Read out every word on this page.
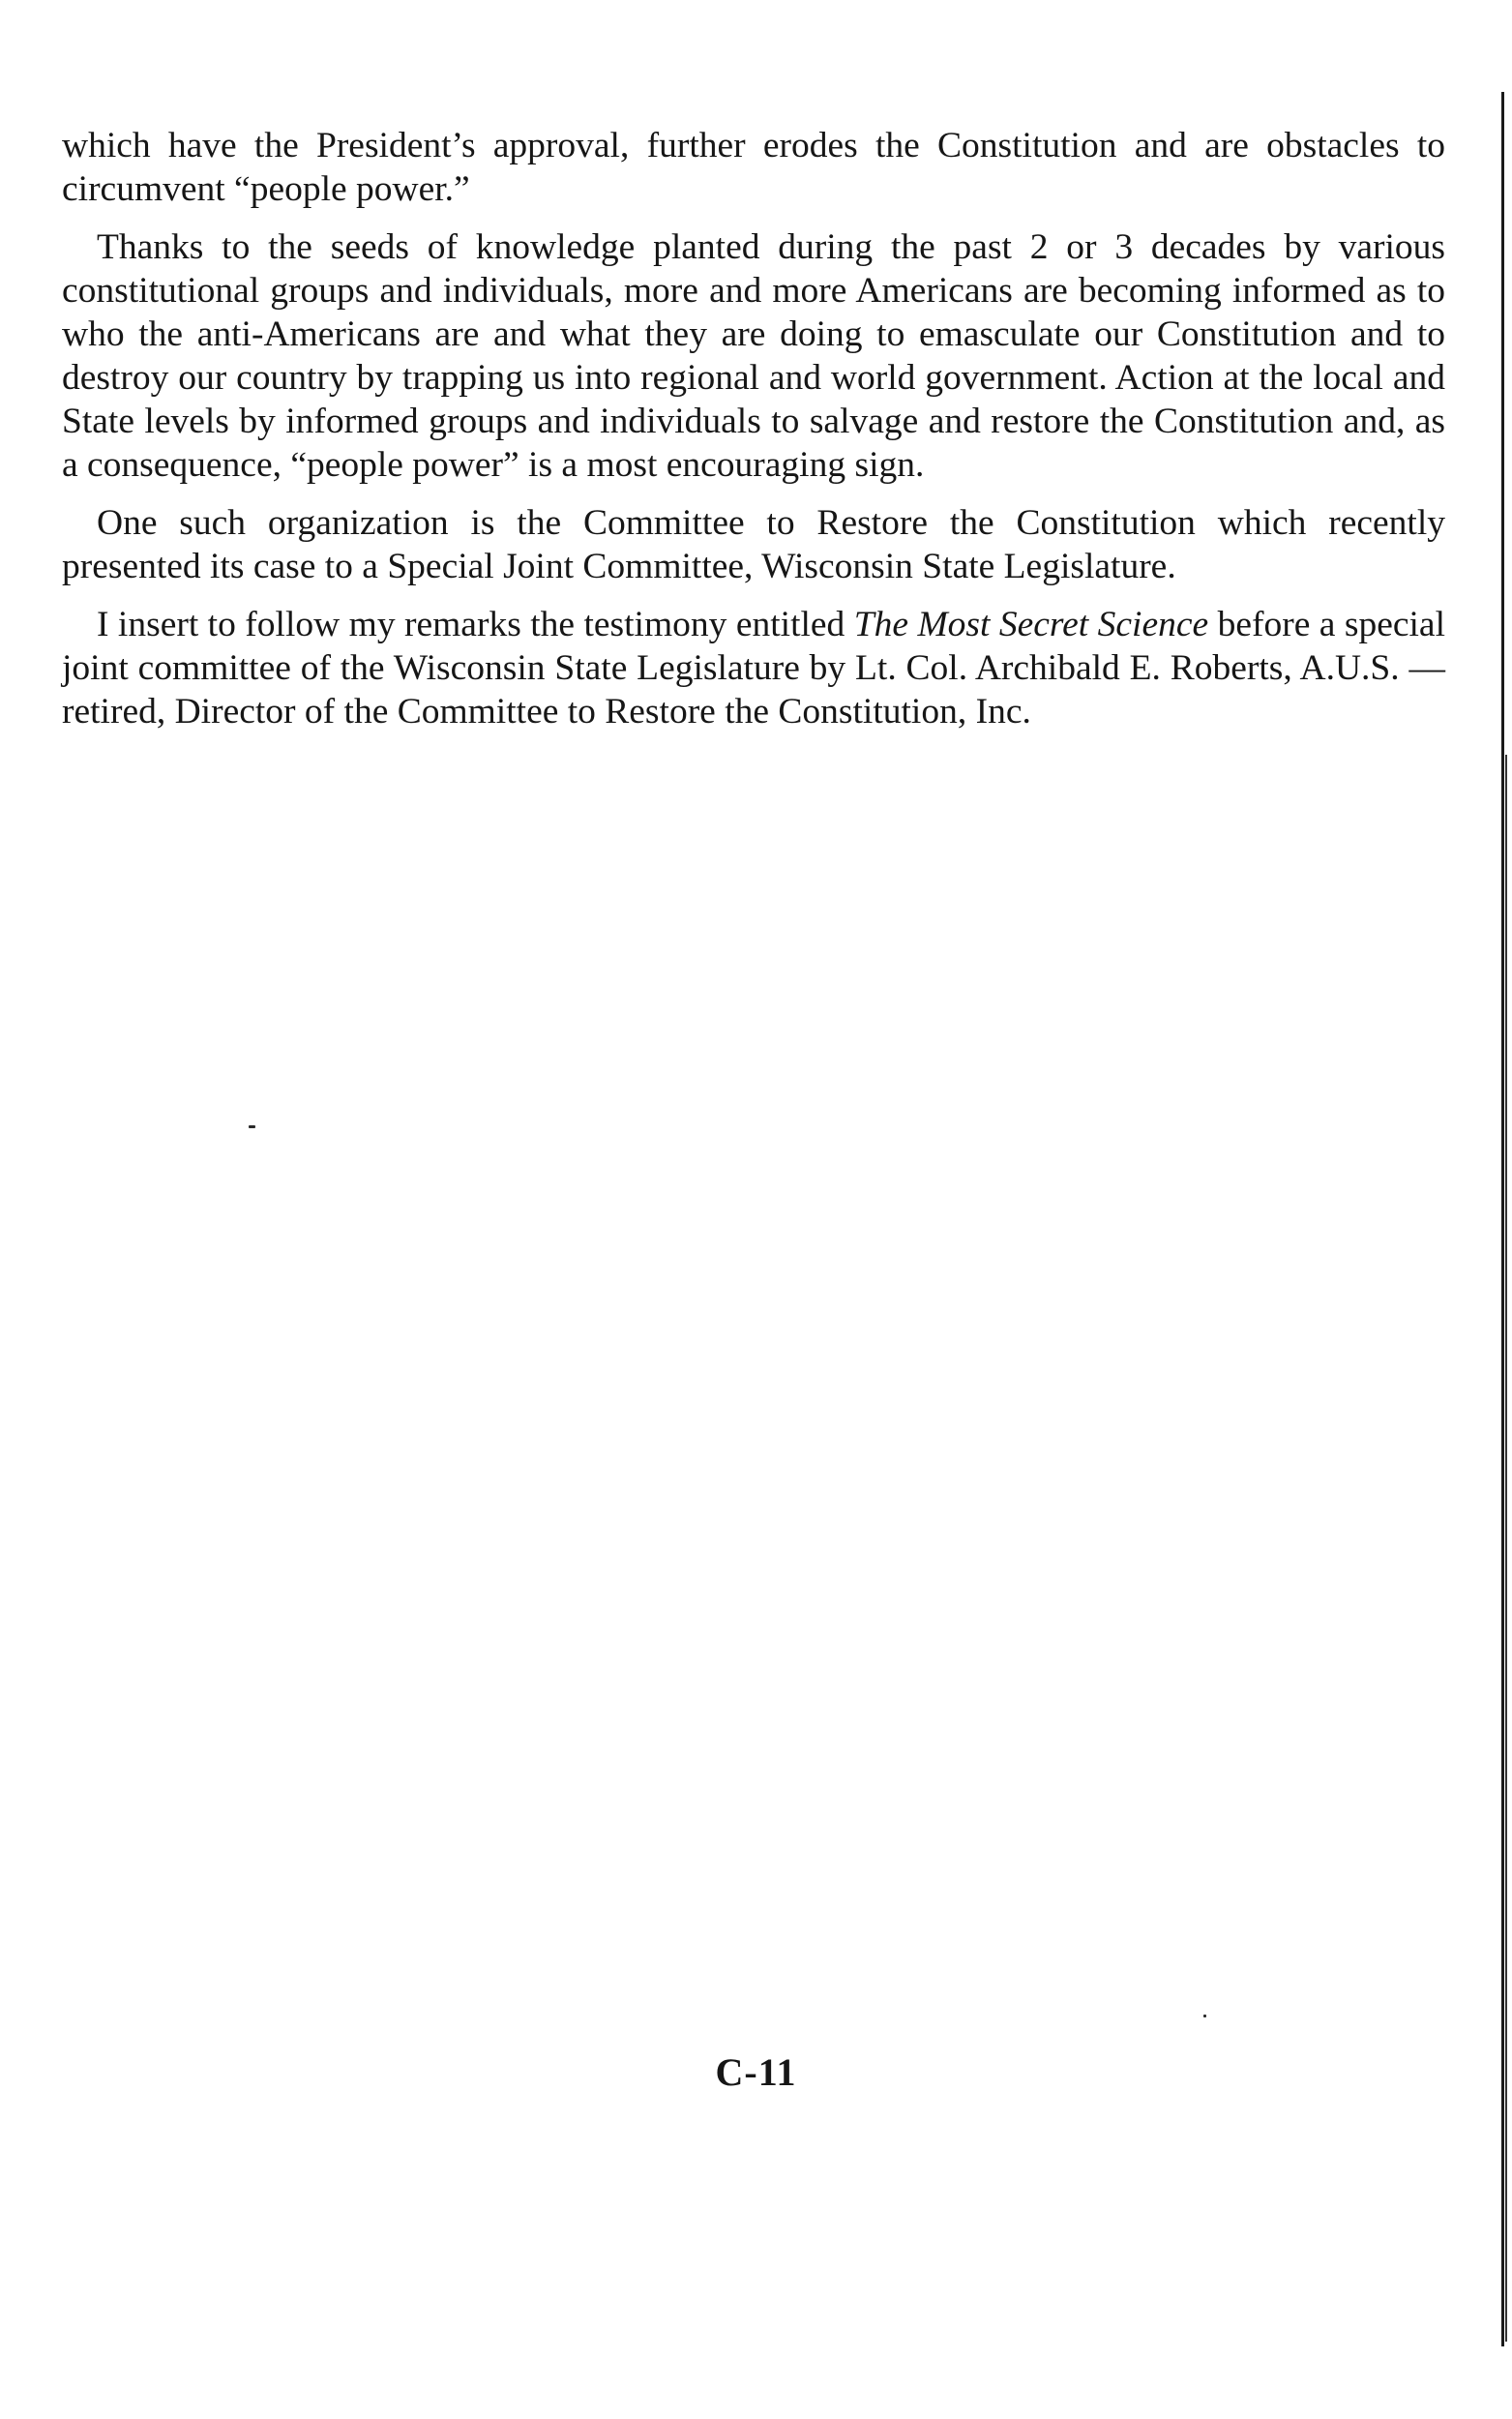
which have the President’s approval, further erodes the Constitution and are obstacles to circumvent “people power.”

Thanks to the seeds of knowledge planted during the past 2 or 3 decades by various constitutional groups and individuals, more and more Americans are becoming informed as to who the anti-Americans are and what they are doing to emasculate our Constitution and to destroy our country by trapping us into regional and world government. Action at the local and State levels by informed groups and individuals to salvage and restore the Constitution and, as a consequence, “people power” is a most encouraging sign.

One such organization is the Committee to Restore the Constitution which recently presented its case to a Special Joint Committee, Wisconsin State Legislature.

I insert to follow my remarks the testimony entitled The Most Secret Science before a special joint committee of the Wisconsin State Legislature by Lt. Col. Archibald E. Roberts, A.U.S. — retired, Director of the Committee to Restore the Constitution, Inc.

C-11
